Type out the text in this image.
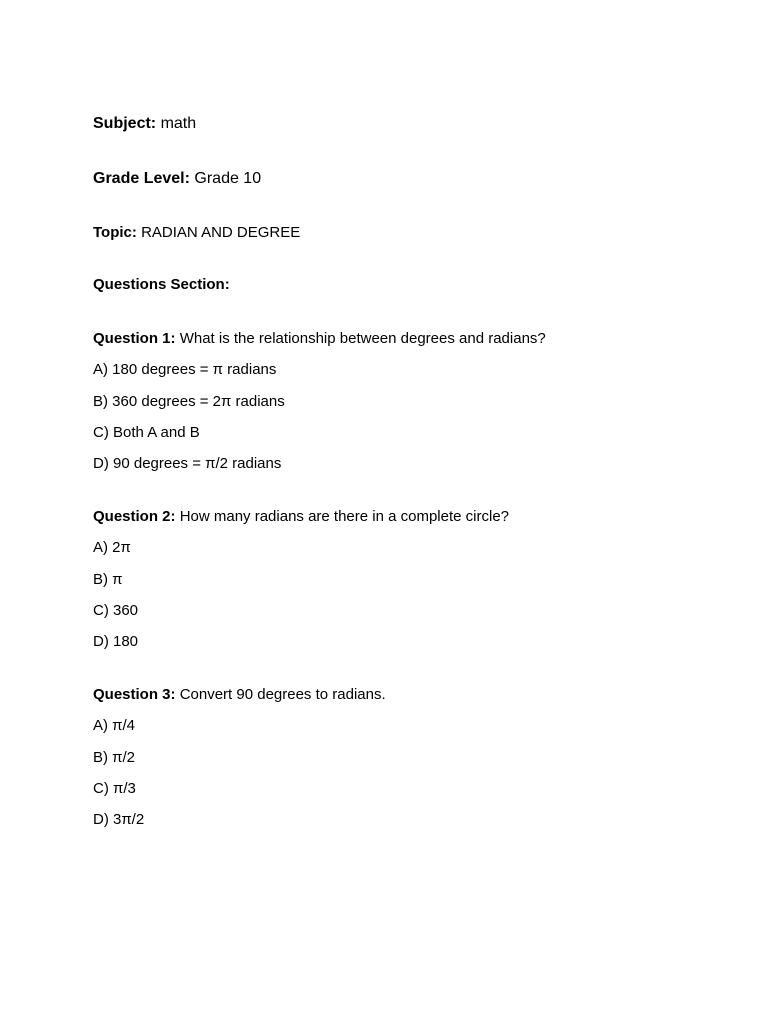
Subject: math
Grade Level: Grade 10
Topic: RADIAN AND DEGREE
Questions Section:
Question 1: What is the relationship between degrees and radians?
A) 180 degrees = π radians
B) 360 degrees = 2π radians
C) Both A and B
D) 90 degrees = π/2 radians
Question 2: How many radians are there in a complete circle?
A) 2π
B) π
C) 360
D) 180
Question 3: Convert 90 degrees to radians.
A) π/4
B) π/2
C) π/3
D) 3π/2
